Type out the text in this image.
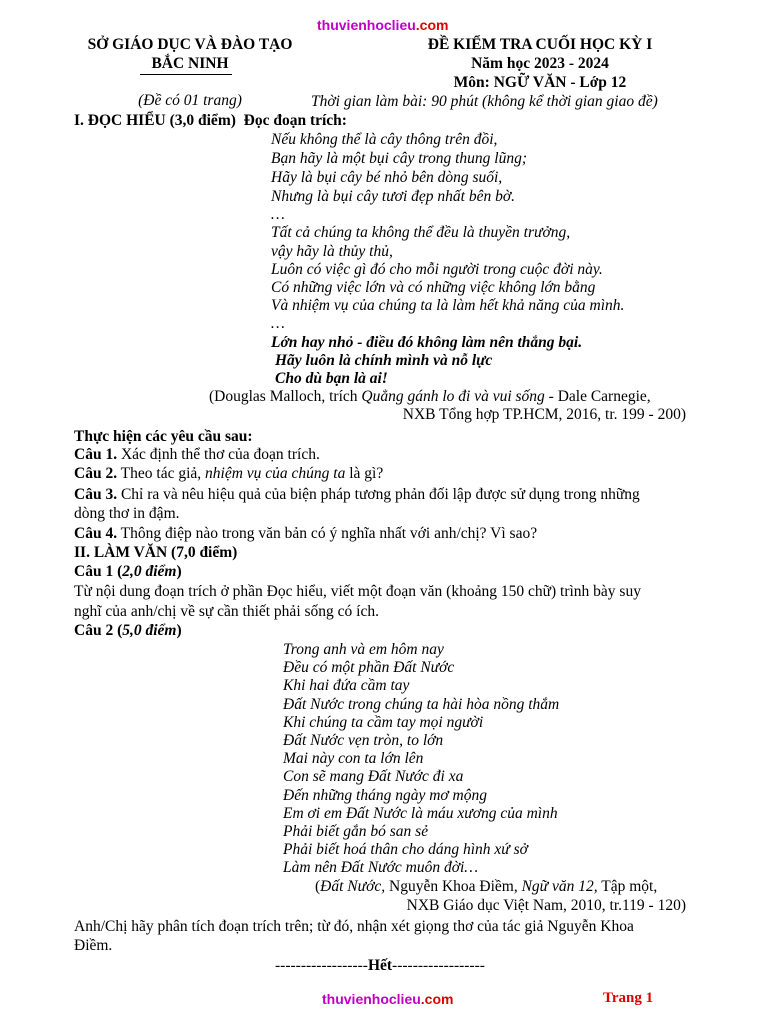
thuvienhoclieu.com
SỞ GIÁO DỤC VÀ ĐÀO TẠO
BẮC NINH
(Đề có 01 trang)
ĐỀ KIỂM TRA CUỐI HỌC KỲ I
Năm học 2023 - 2024
Môn: NGỮ VĂN - Lớp 12
Thời gian làm bài: 90 phút (không kể thời gian giao đề)
I. ĐỌC HIỂU (3,0 điểm) Đọc đoạn trích:
Nếu không thể là cây thông trên đồi,
Bạn hãy là một bụi cây trong thung lũng;
Hãy là bụi cây bé nhỏ bên dòng suối,
Nhưng là bụi cây tươi đẹp nhất bên bờ.
…
Tất cả chúng ta không thể đều là thuyền trưởng,
vậy hãy là thủy thủ,
Luôn có việc gì đó cho mỗi người trong cuộc đời này.
Có những việc lớn và có những việc không lớn bằng
Và nhiệm vụ của chúng ta là làm hết khả năng của mình.
…
Lớn hay nhỏ - điều đó không làm nên thắng bại.
Hãy luôn là chính mình và nỗ lực
Cho dù bạn là ai!
(Douglas Malloch, trích Quẳng gánh lo đi và vui sống - Dale Carnegie,
NXB Tổng hợp TP.HCM, 2016, tr. 199 - 200)
Thực hiện các yêu cầu sau:
Câu 1. Xác định thể thơ của đoạn trích.
Câu 2. Theo tác giả, nhiệm vụ của chúng ta là gì?
Câu 3. Chỉ ra và nêu hiệu quả của biện pháp tương phản đối lập được sử dụng trong những
dòng thơ in đậm.
Câu 4. Thông điệp nào trong văn bản có ý nghĩa nhất với anh/chị? Vì sao?
II. LÀM VĂN (7,0 điểm)
Câu 1 (2,0 điểm)
Từ nội dung đoạn trích ở phần Đọc hiểu, viết một đoạn văn (khoảng 150 chữ) trình bày suy
nghĩ của anh/chị về sự cần thiết phải sống có ích.
Câu 2 (5,0 điểm)
Trong anh và em hôm nay
Đều có một phần Đất Nước
Khi hai đứa cầm tay
Đất Nước trong chúng ta hài hòa nồng thắm
Khi chúng ta cầm tay mọi người
Đất Nước vẹn tròn, to lớn
Mai này con ta lớn lên
Con sẽ mang Đất Nước đi xa
Đến những tháng ngày mơ mộng
Em ơi em Đất Nước là máu xương của mình
Phải biết gắn bó san sẻ
Phải biết hoá thân cho dáng hình xứ sở
Làm nên Đất Nước muôn đời…
(Đất Nước, Nguyễn Khoa Điềm, Ngữ văn 12, Tập một,
NXB Giáo dục Việt Nam, 2010, tr.119 - 120)
Anh/Chị hãy phân tích đoạn trích trên; từ đó, nhận xét giọng thơ của tác giả Nguyễn Khoa
Điềm.
------------------Hết------------------
thuvienhoclieu.com	Trang 1
